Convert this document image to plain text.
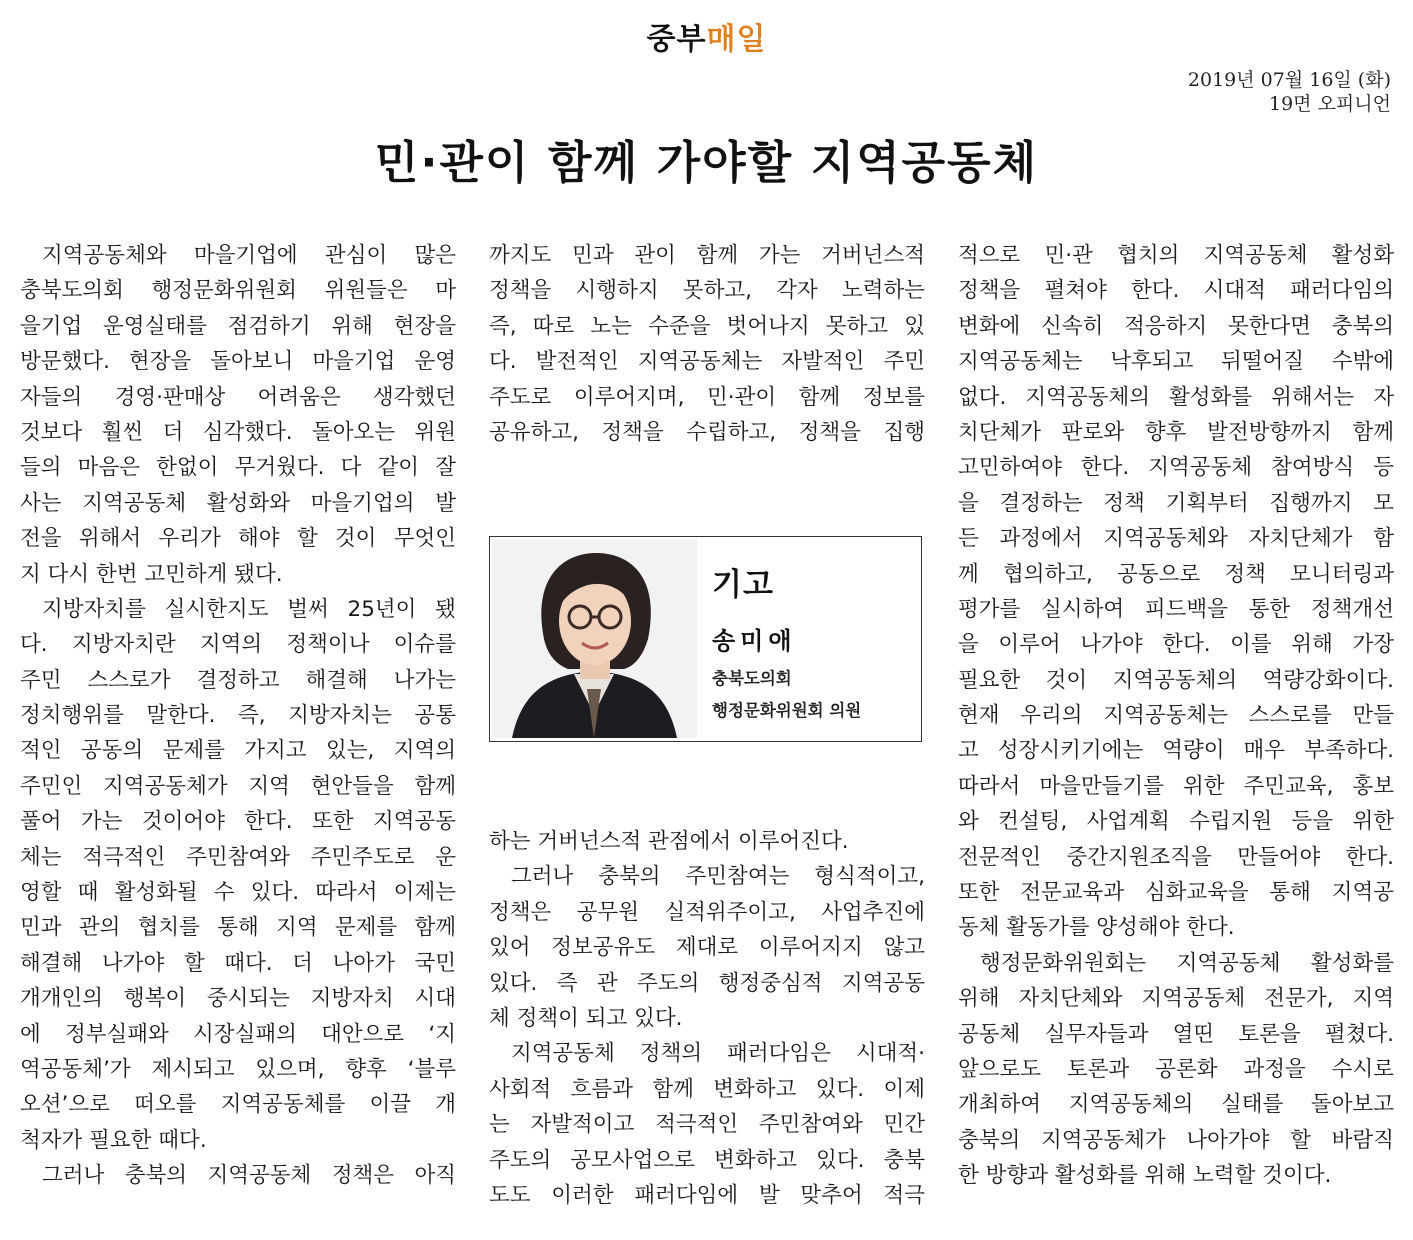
중부매일
2019년 07월 16일 (화)
19면 오피니언
민·관이 함께 가야할 지역공동체
지역공동체와 마을기업에 관심이 많은
충북도의회 행정문화위원회 위원들은 마
을기업 운영실태를 점검하기 위해 현장을
방문했다. 현장을 돌아보니 마을기업 운영
자들의 경영·판매상 어려움은 생각했던
것보다 훨씬 더 심각했다. 돌아오는 위원
들의 마음은 한없이 무거웠다. 다 같이 잘
사는 지역공동체 활성화와 마을기업의 발
전을 위해서 우리가 해야 할 것이 무엇인
지 다시 한번 고민하게 됐다.
지방자치를 실시한지도 벌써 25년이 됐
다. 지방자치란 지역의 정책이나 이슈를
주민 스스로가 결정하고 해결해 나가는
정치행위를 말한다. 즉, 지방자치는 공통
적인 공동의 문제를 가지고 있는, 지역의
주민인 지역공동체가 지역 현안들을 함께
풀어 가는 것이어야 한다. 또한 지역공동
체는 적극적인 주민참여와 주민주도로 운
영할 때 활성화될 수 있다. 따라서 이제는
민과 관의 협치를 통해 지역 문제를 함께
해결해 나가야 할 때다. 더 나아가 국민
개개인의 행복이 중시되는 지방자치 시대
에 정부실패와 시장실패의 대안으로 ‘지
역공동체’가 제시되고 있으며, 향후 ‘블루
오션’으로 떠오를 지역공동체를 이끌 개
척자가 필요한 때다.
그러나 충북의 지역공동체 정책은 아직
까지도 민과 관이 함께 가는 거버넌스적
정책을 시행하지 못하고, 각자 노력하는
즉, 따로 노는 수준을 벗어나지 못하고 있
다. 발전적인 지역공동체는 자발적인 주민
주도로 이루어지며, 민·관이 함께 정보를
공유하고, 정책을 수립하고, 정책을 집행
하는 거버넌스적 관점에서 이루어진다.
그러나 충북의 주민참여는 형식적이고,
정책은 공무원 실적위주이고, 사업추진에
있어 정보공유도 제대로 이루어지지 않고
있다. 즉 관 주도의 행정중심적 지역공동
체 정책이 되고 있다.
지역공동체 정책의 패러다임은 시대적·
사회적 흐름과 함께 변화하고 있다. 이제
는 자발적이고 적극적인 주민참여와 민간
주도의 공모사업으로 변화하고 있다. 충북
도도 이러한 패러다임에 발 맞추어 적극
적으로 민·관 협치의 지역공동체 활성화
정책을 펼쳐야 한다. 시대적 패러다임의
변화에 신속히 적응하지 못한다면 충북의
지역공동체는 낙후되고 뒤떨어질 수밖에
없다. 지역공동체의 활성화를 위해서는 자
치단체가 판로와 향후 발전방향까지 함께
고민하여야 한다. 지역공동체 참여방식 등
을 결정하는 정책 기획부터 집행까지 모
든 과정에서 지역공동체와 자치단체가 함
께 협의하고, 공동으로 정책 모니터링과
평가를 실시하여 피드백을 통한 정책개선
을 이루어 나가야 한다. 이를 위해 가장
필요한 것이 지역공동체의 역량강화이다.
현재 우리의 지역공동체는 스스로를 만들
고 성장시키기에는 역량이 매우 부족하다.
따라서 마을만들기를 위한 주민교육, 홍보
와 컨설팅, 사업계획 수립지원 등을 위한
전문적인 중간지원조직을 만들어야 한다.
또한 전문교육과 심화교육을 통해 지역공
동체 활동가를 양성해야 한다.
행정문화위원회는 지역공동체 활성화를
위해 자치단체와 지역공동체 전문가, 지역
공동체 실무자들과 열띤 토론을 펼쳤다.
앞으로도 토론과 공론화 과정을 수시로
개최하여 지역공동체의 실태를 돌아보고
충북의 지역공동체가 나아가야 할 바람직
한 방향과 활성화를 위해 노력할 것이다.
기고
송미애
충북도의회
행정문화위원회 의원
